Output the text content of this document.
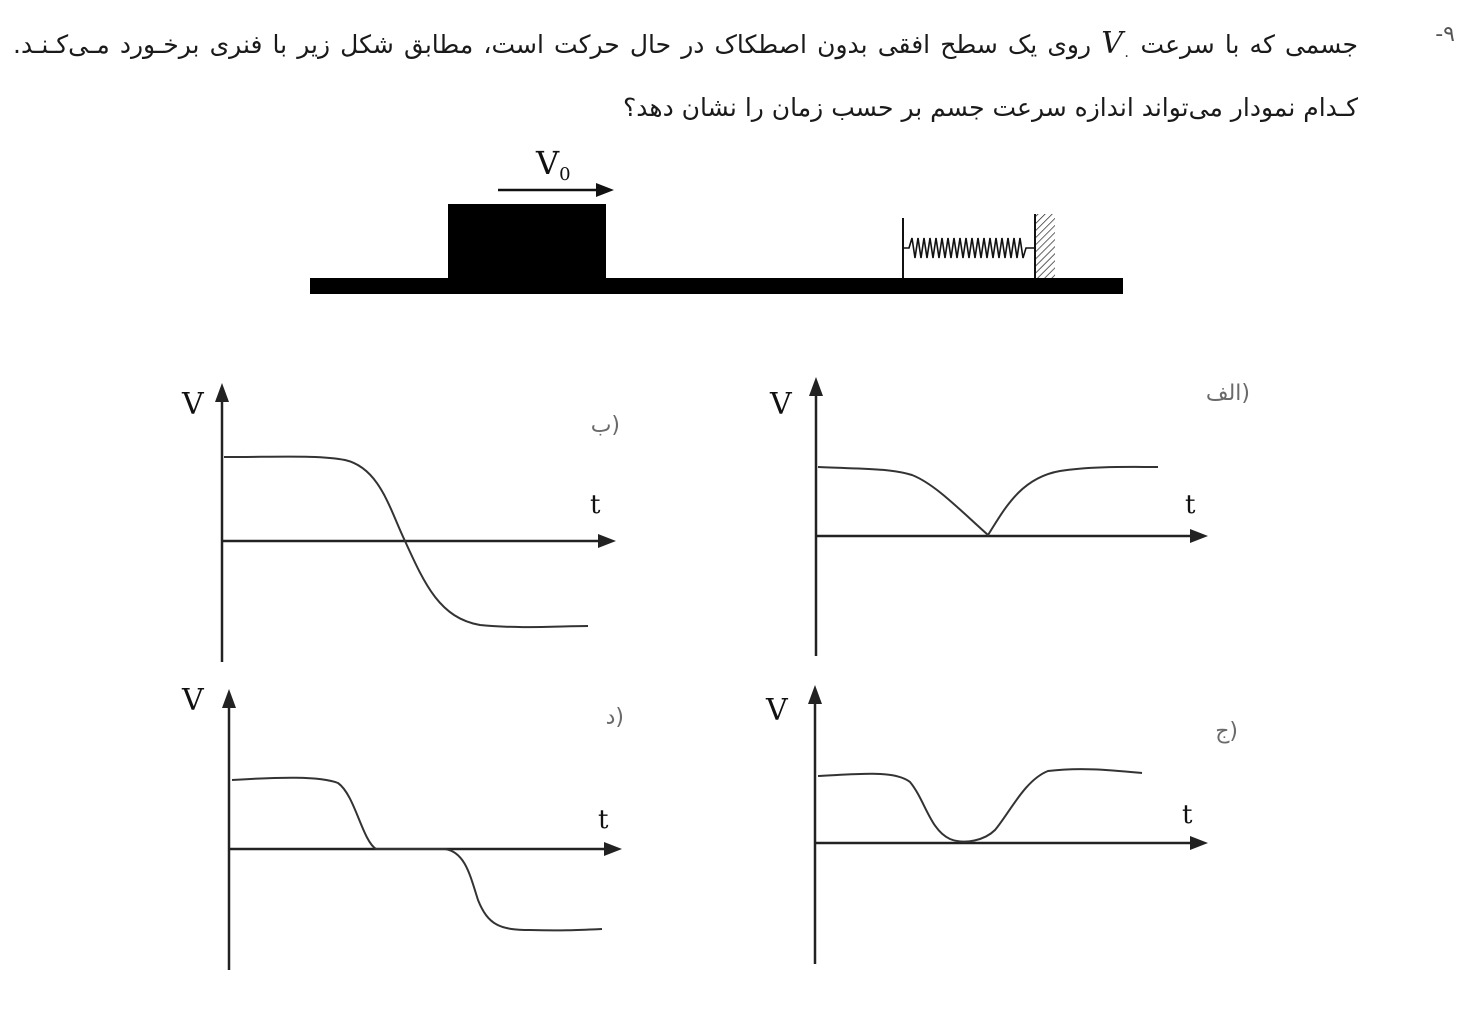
۹-
جسمی که با سرعت $V_۰$ روی یک سطح افقی بدون اصطکاک در حال حرکت است، مطابق شکل زیر با فنری برخـورد مـی‌کـنـد. کـدام نمودار می‌تواند اندازه سرعت جسم بر حسب زمان را نشان دهد؟
V0
الف)
V
t
ب)
V
t
ج)
V
t
د)
V
t
